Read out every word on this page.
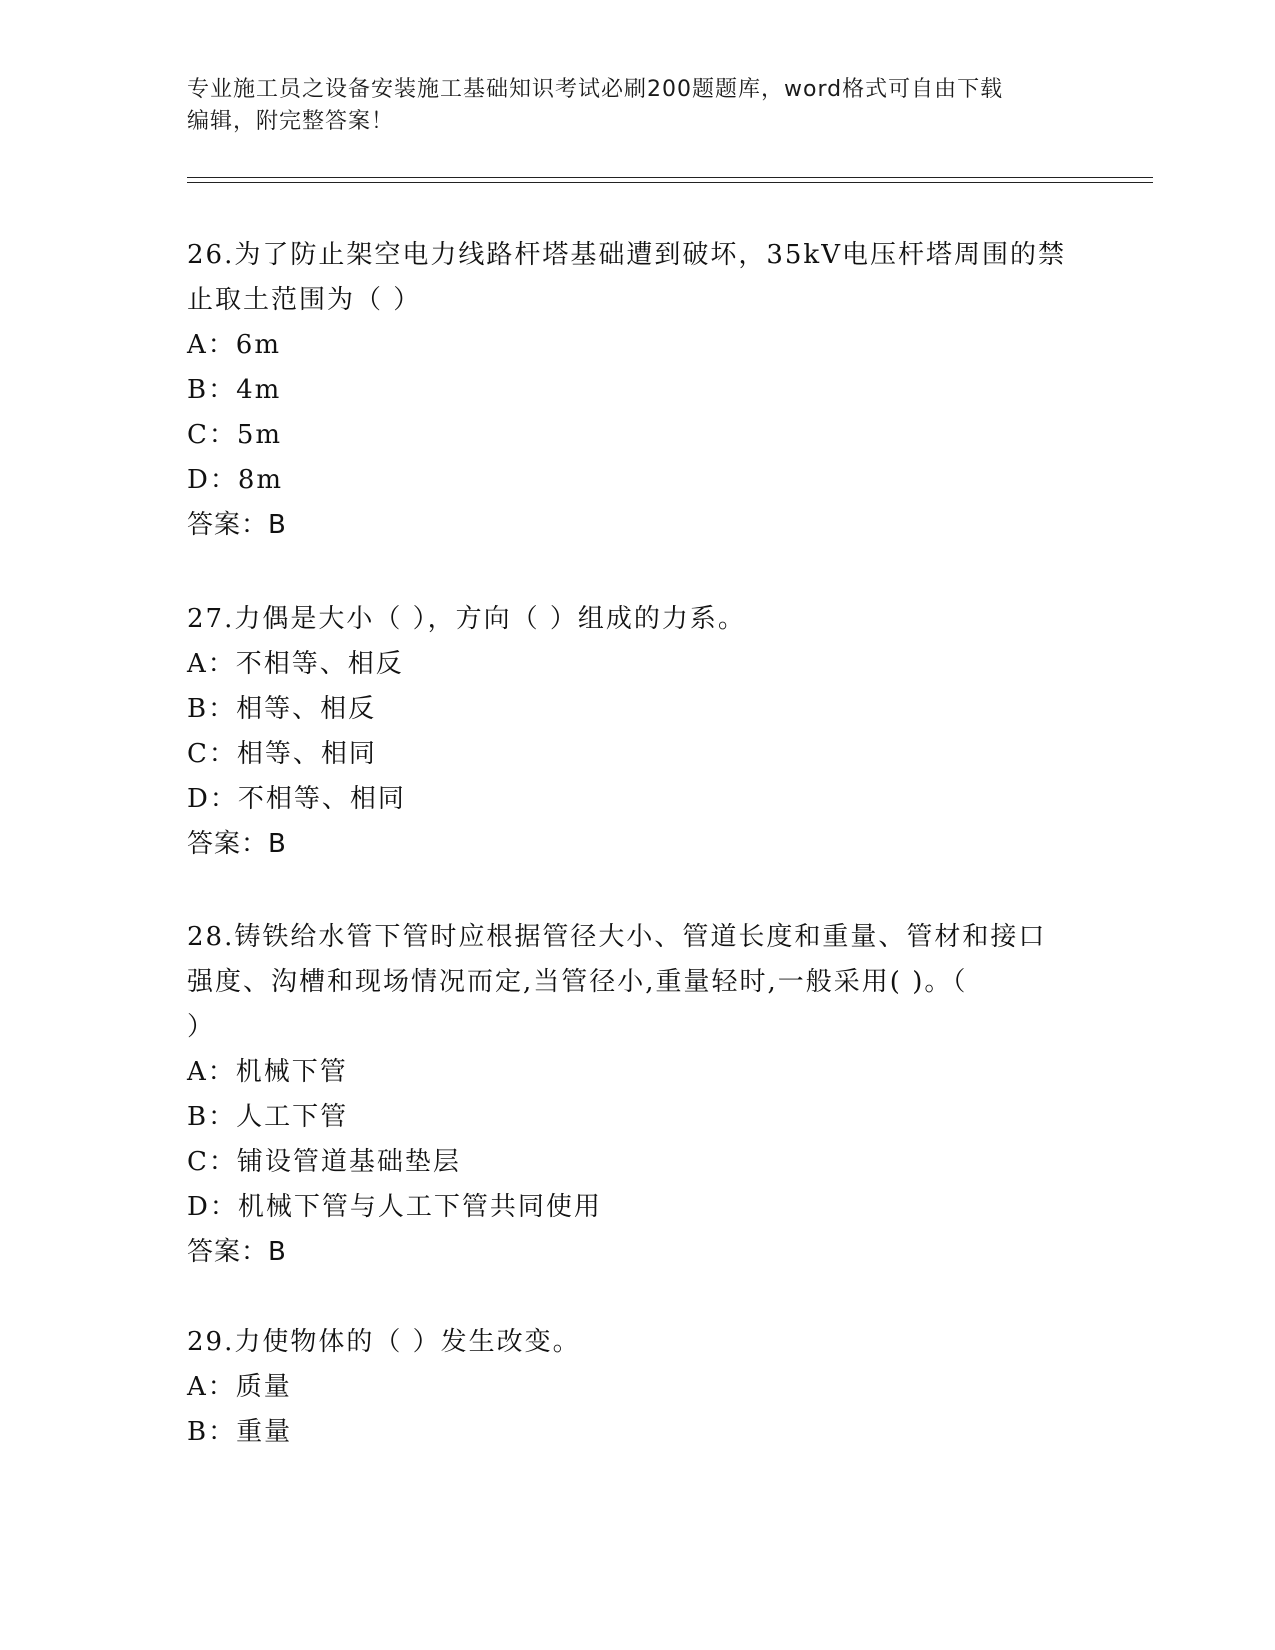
专业施工员之设备安装施工基础知识考试必刷200题题库，word格式可自由下载
编辑，附完整答案！
26.为了防止架空电力线路杆塔基础遭到破坏，35kV电压杆塔周围的禁
止取土范围为（ ）
A：6m
B：4m
C：5m
D：8m
答案：B
27.力偶是大小（ ），方向（ ）组成的力系。
A：不相等、相反
B：相等、相反
C：相等、相同
D：不相等、相同
答案：B
28.铸铁给水管下管时应根据管径大小、管道长度和重量、管材和接口
强度、沟槽和现场情况而定,当管径小,重量轻时,一般采用( )。（
）
A：机械下管
B：人工下管
C：铺设管道基础垫层
D：机械下管与人工下管共同使用
答案：B
29.力使物体的（ ）发生改变。
A：质量
B：重量
